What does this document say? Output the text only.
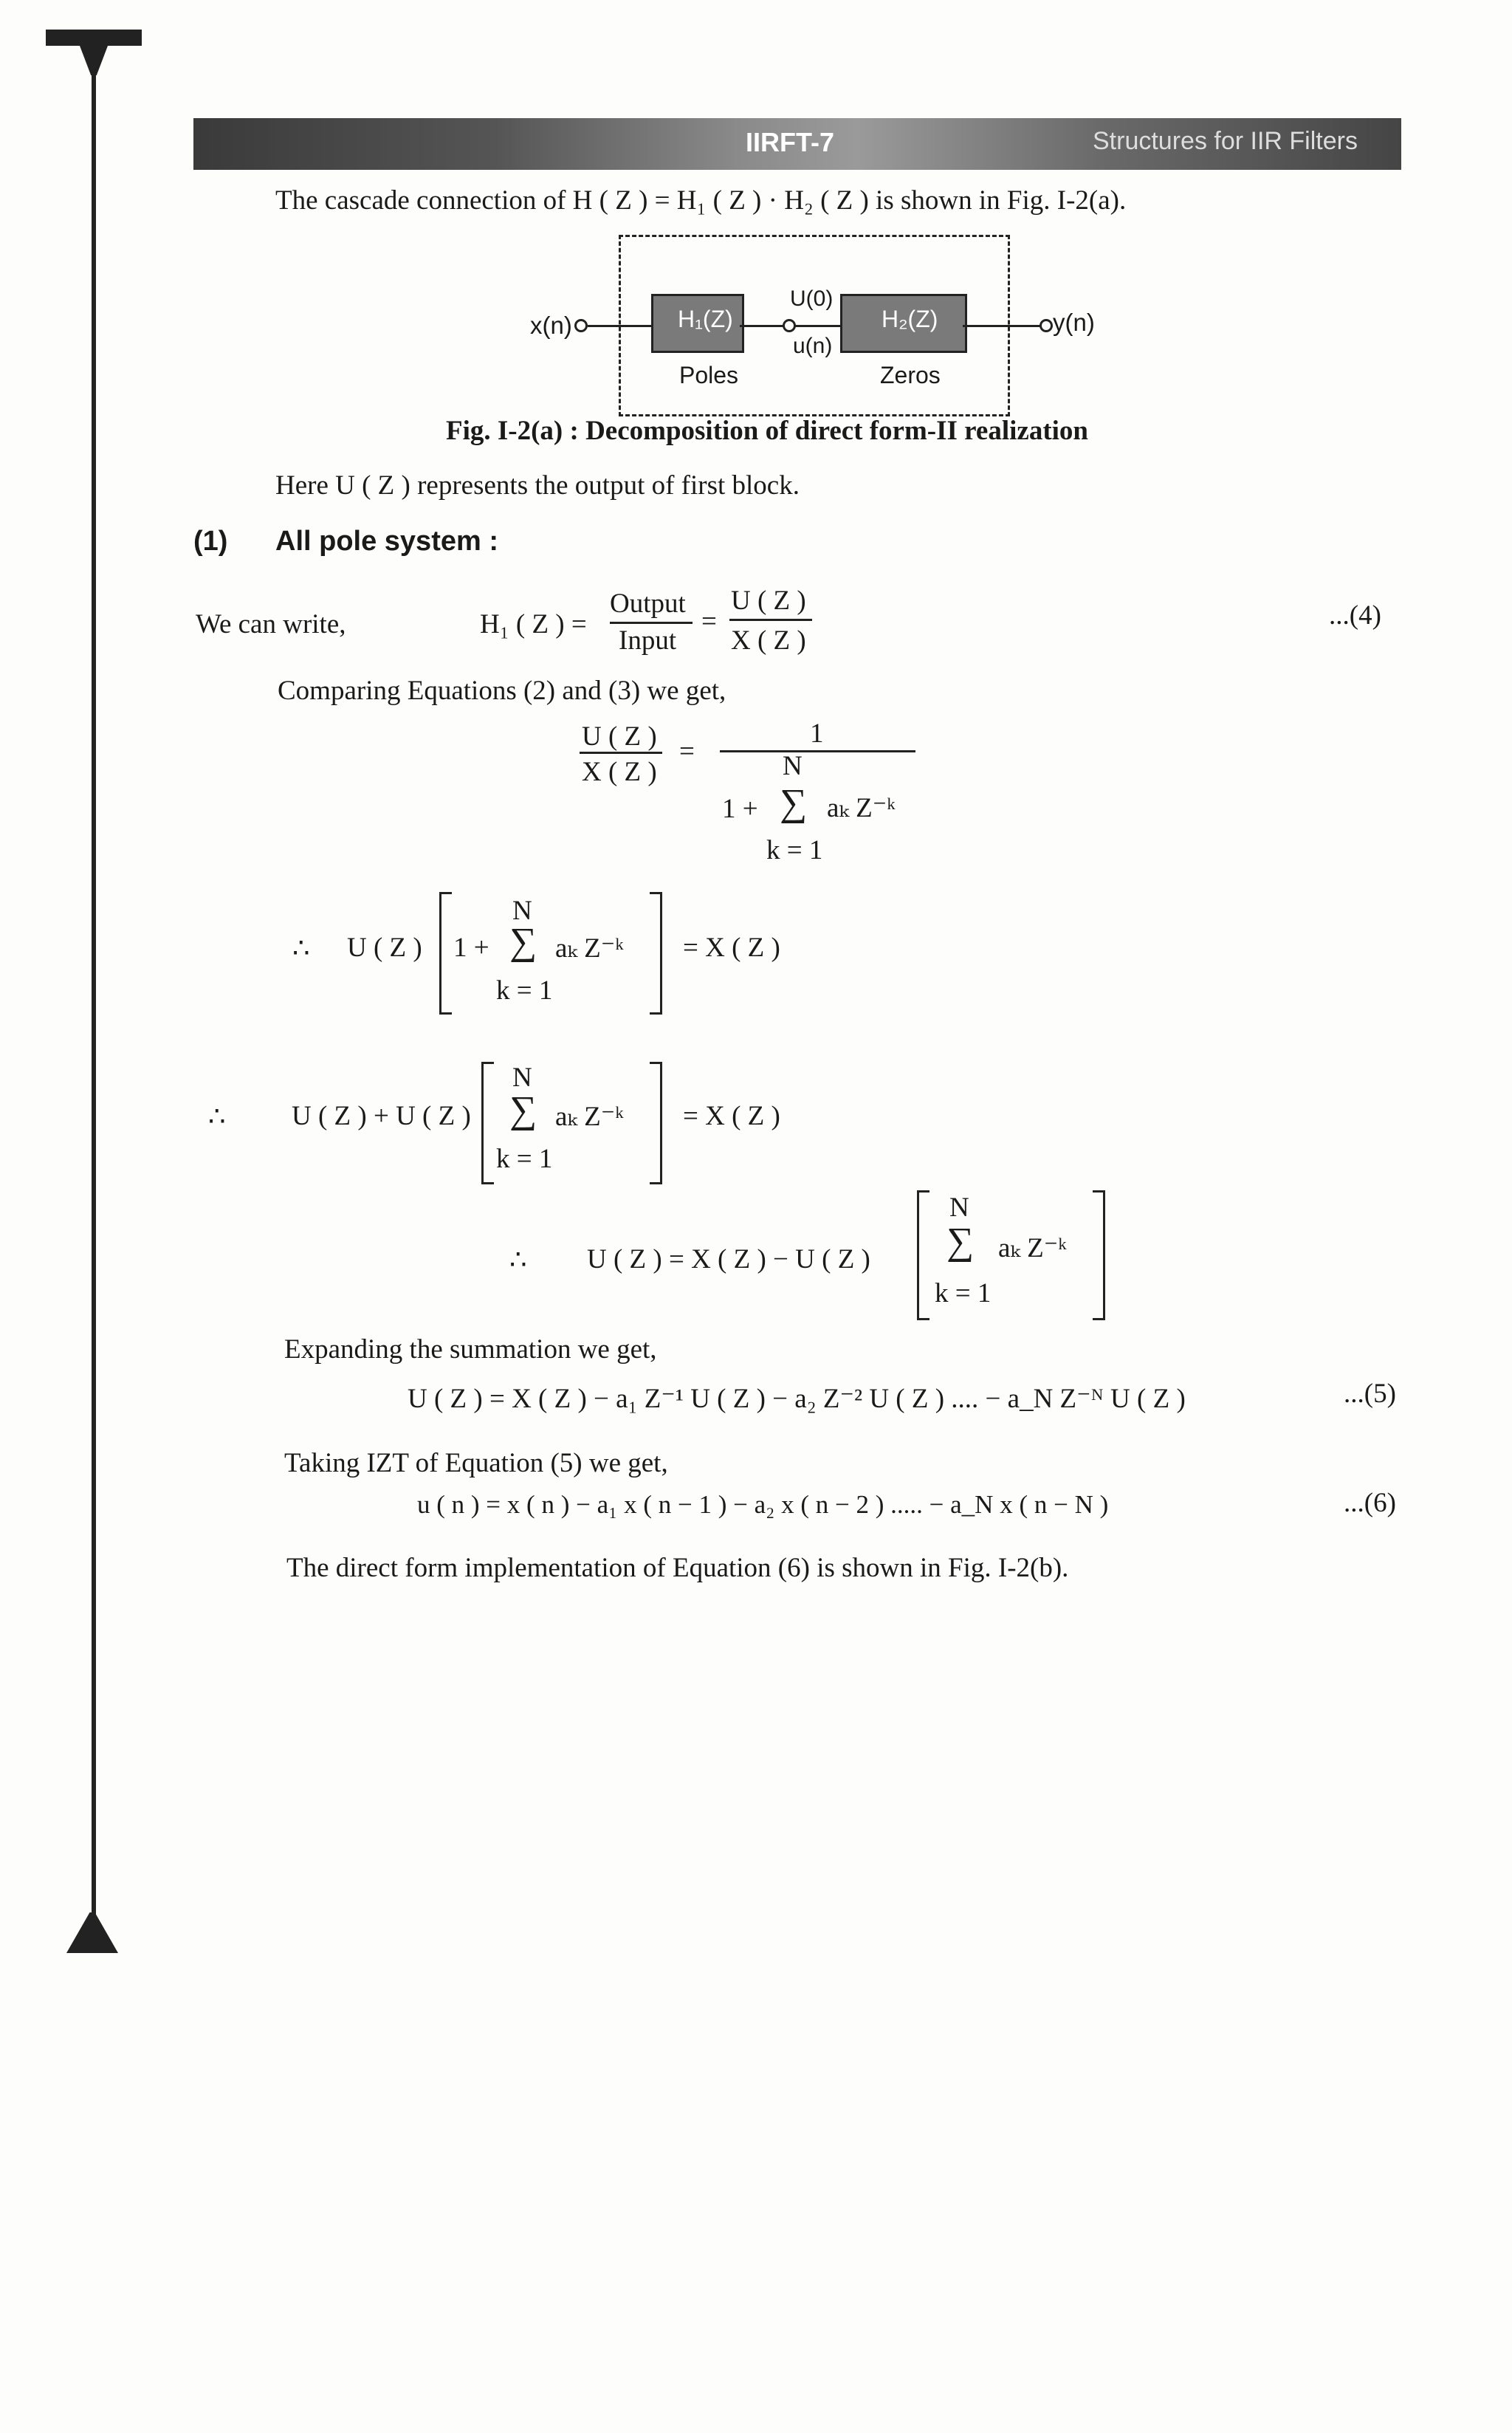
IIRFT-7	Structures for IIR Filters
The cascade connection of H ( Z ) = H₁ ( Z ) · H₂ ( Z ) is shown in Fig. I-2(a).
x(n)	H₁(Z)
U(0)
u(n)
H₂(Z)	y(n)
Poles	Zeros
Fig. I-2(a) : Decomposition of direct form-II realization
Here U ( Z ) represents the output of first block.
(1) All pole system :
We can write,	H₁ ( Z ) =
Output
Input
=
U ( Z )
X ( Z )
...(4)
Comparing Equations (2) and (3) we get,
U ( Z )
X ( Z )
=
1
N
1 + ∑ aₖ Z⁻ᵏ
k = 1
∴ U ( Z ) 1 +
N
∑ aₖ Z⁻ᵏ
k = 1
= X ( Z )
∴ U ( Z ) + U ( Z )
N
∑ aₖ Z⁻ᵏ
k = 1
= X ( Z )
∴ U ( Z ) = X ( Z ) − U ( Z )
N
∑ aₖ Z⁻ᵏ
k = 1
Expanding the summation we get,
U ( Z ) = X ( Z ) − a₁ Z⁻¹ U ( Z ) − a₂ Z⁻² U ( Z ) .... − a_N Z⁻ᴺ U ( Z )	...(5)
Taking IZT of Equation (5) we get,
u ( n ) = x ( n ) − a₁ x ( n − 1 ) − a₂ x ( n − 2 ) ..... − a_N x ( n − N )	...(6)
The direct form implementation of Equation (6) is shown in Fig. I-2(b).
